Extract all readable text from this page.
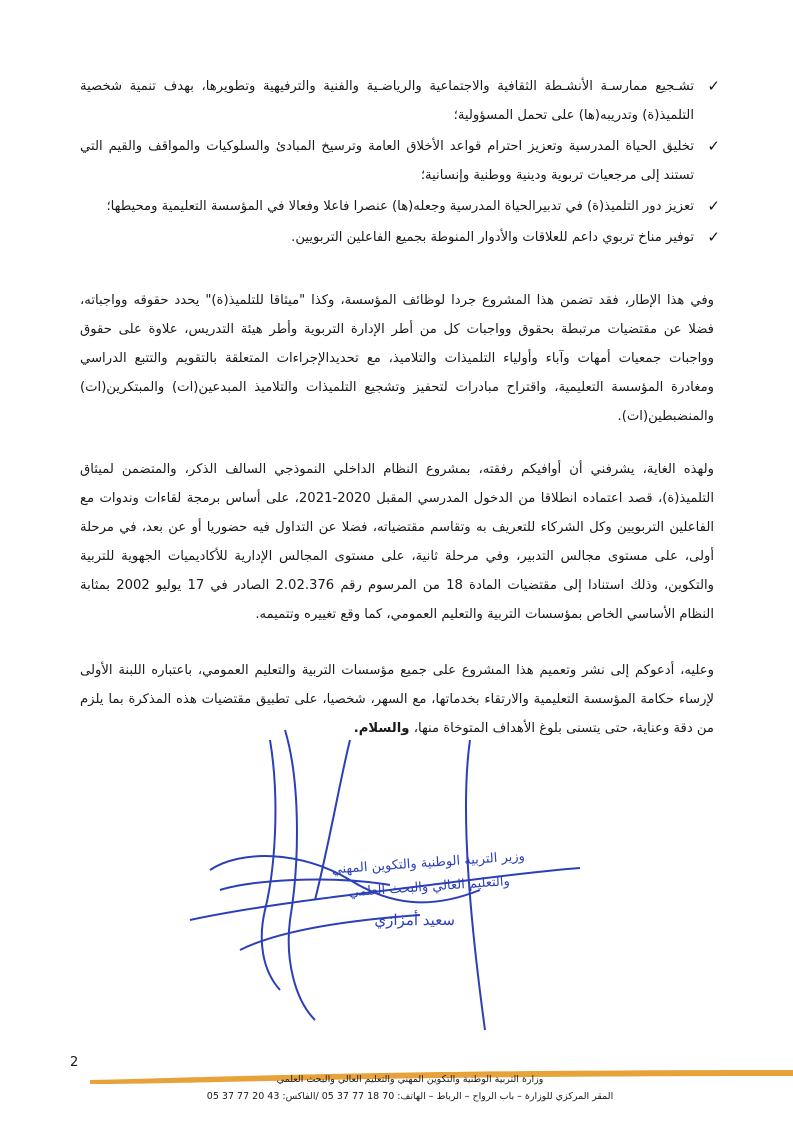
✓
تشـجيع ممارسـة الأنشـطة الثقافية والاجتماعية والرياضـية والفنية والترفيهية وتطويرها، بهدف تنمية شخصية التلميذ(ة) وتدريبه(ها) على تحمل المسؤولية؛
✓
تخليق الحياة المدرسية وتعزيز احترام قواعد الأخلاق العامة وترسيخ المبادئ والسلوكيات والمواقف والقيم التي تستند إلى مرجعيات تربوية ودينية ووطنية وإنسانية؛
✓
تعزيز دور التلميذ(ة) في تدبيرالحياة المدرسية وجعله(ها) عنصرا فاعلا وفعالا في المؤسسة التعليمية ومحيطها؛
✓
توفير مناخ تربوي داعم للعلاقات والأدوار المنوطة بجميع الفاعلين التربويين.
وفي هذا الإطار، فقد تضمن هذا المشروع جردا لوظائف المؤسسة، وكذا "ميثاقا للتلميذ(ة)" يحدد حقوقه وواجباته، فضلا عن مقتضيات مرتبطة بحقوق وواجبات كل من أطر الإدارة التربوية وأطر هيئة التدريس، علاوة على حقوق وواجبات جمعيات أمهات وآباء وأولياء التلميذات والتلاميذ، مع تحديدالإجراءات المتعلقة بالتقويم والتتبع الدراسي ومغادرة المؤسسة التعليمية، واقتراح مبادرات لتحفيز وتشجيع التلميذات والتلاميذ المبدعين(ات) والمبتكرين(ات) والمنضبطين(ات).
ولهذه الغاية، يشرفني أن أوافيكم رفقته، بمشروع النظام الداخلي النموذجي السالف الذكر، والمتضمن لميثاق التلميذ(ة)، قصد اعتماده انطلاقا من الدخول المدرسي المقبل 2020-2021، على أساس برمجة لقاءات وندوات مع الفاعلين التربويين وكل الشركاء للتعريف به وتقاسم مقتضياته، فضلا عن التداول فيه حضوريا أو عن بعد، في مرحلة أولى، على مستوى مجالس التدبير، وفي مرحلة ثانية، على مستوى المجالس الإدارية للأكاديميات الجهوية للتربية والتكوين، وذلك استنادا إلى مقتضيات المادة 18 من المرسوم رقم 2.02.376 الصادر في 17 يوليو 2002 بمثابة النظام الأساسي الخاص بمؤسسات التربية والتعليم العمومي، كما وقع تغييره وتتميمه.
وعليه، أدعوكم إلى نشر وتعميم هذا المشروع على جميع مؤسسات التربية والتعليم العمومي، باعتباره اللبنة الأولى لإرساء حكامة المؤسسة التعليمية والارتقاء بخدماتها، مع السهر، شخصيا، على تطبيق مقتضيات هذه المذكرة بما يلزم من دقة وعناية، حتى يتسنى بلوغ الأهداف المتوخاة منها، والسلام.
وزير التربية الوطنية والتكوين المهني
والتعليم العالي والبحث العلمي
سعيد أمزازي
2
وزارة التربية الوطنية والتكوين المهني والتعليم العالي والبحث العلمي
المقر المركزي للوزارة – باب الرواح – الرباط – الهاتف: 70 18 77 37 05 /الفاكس: 43 20 77 37 05
